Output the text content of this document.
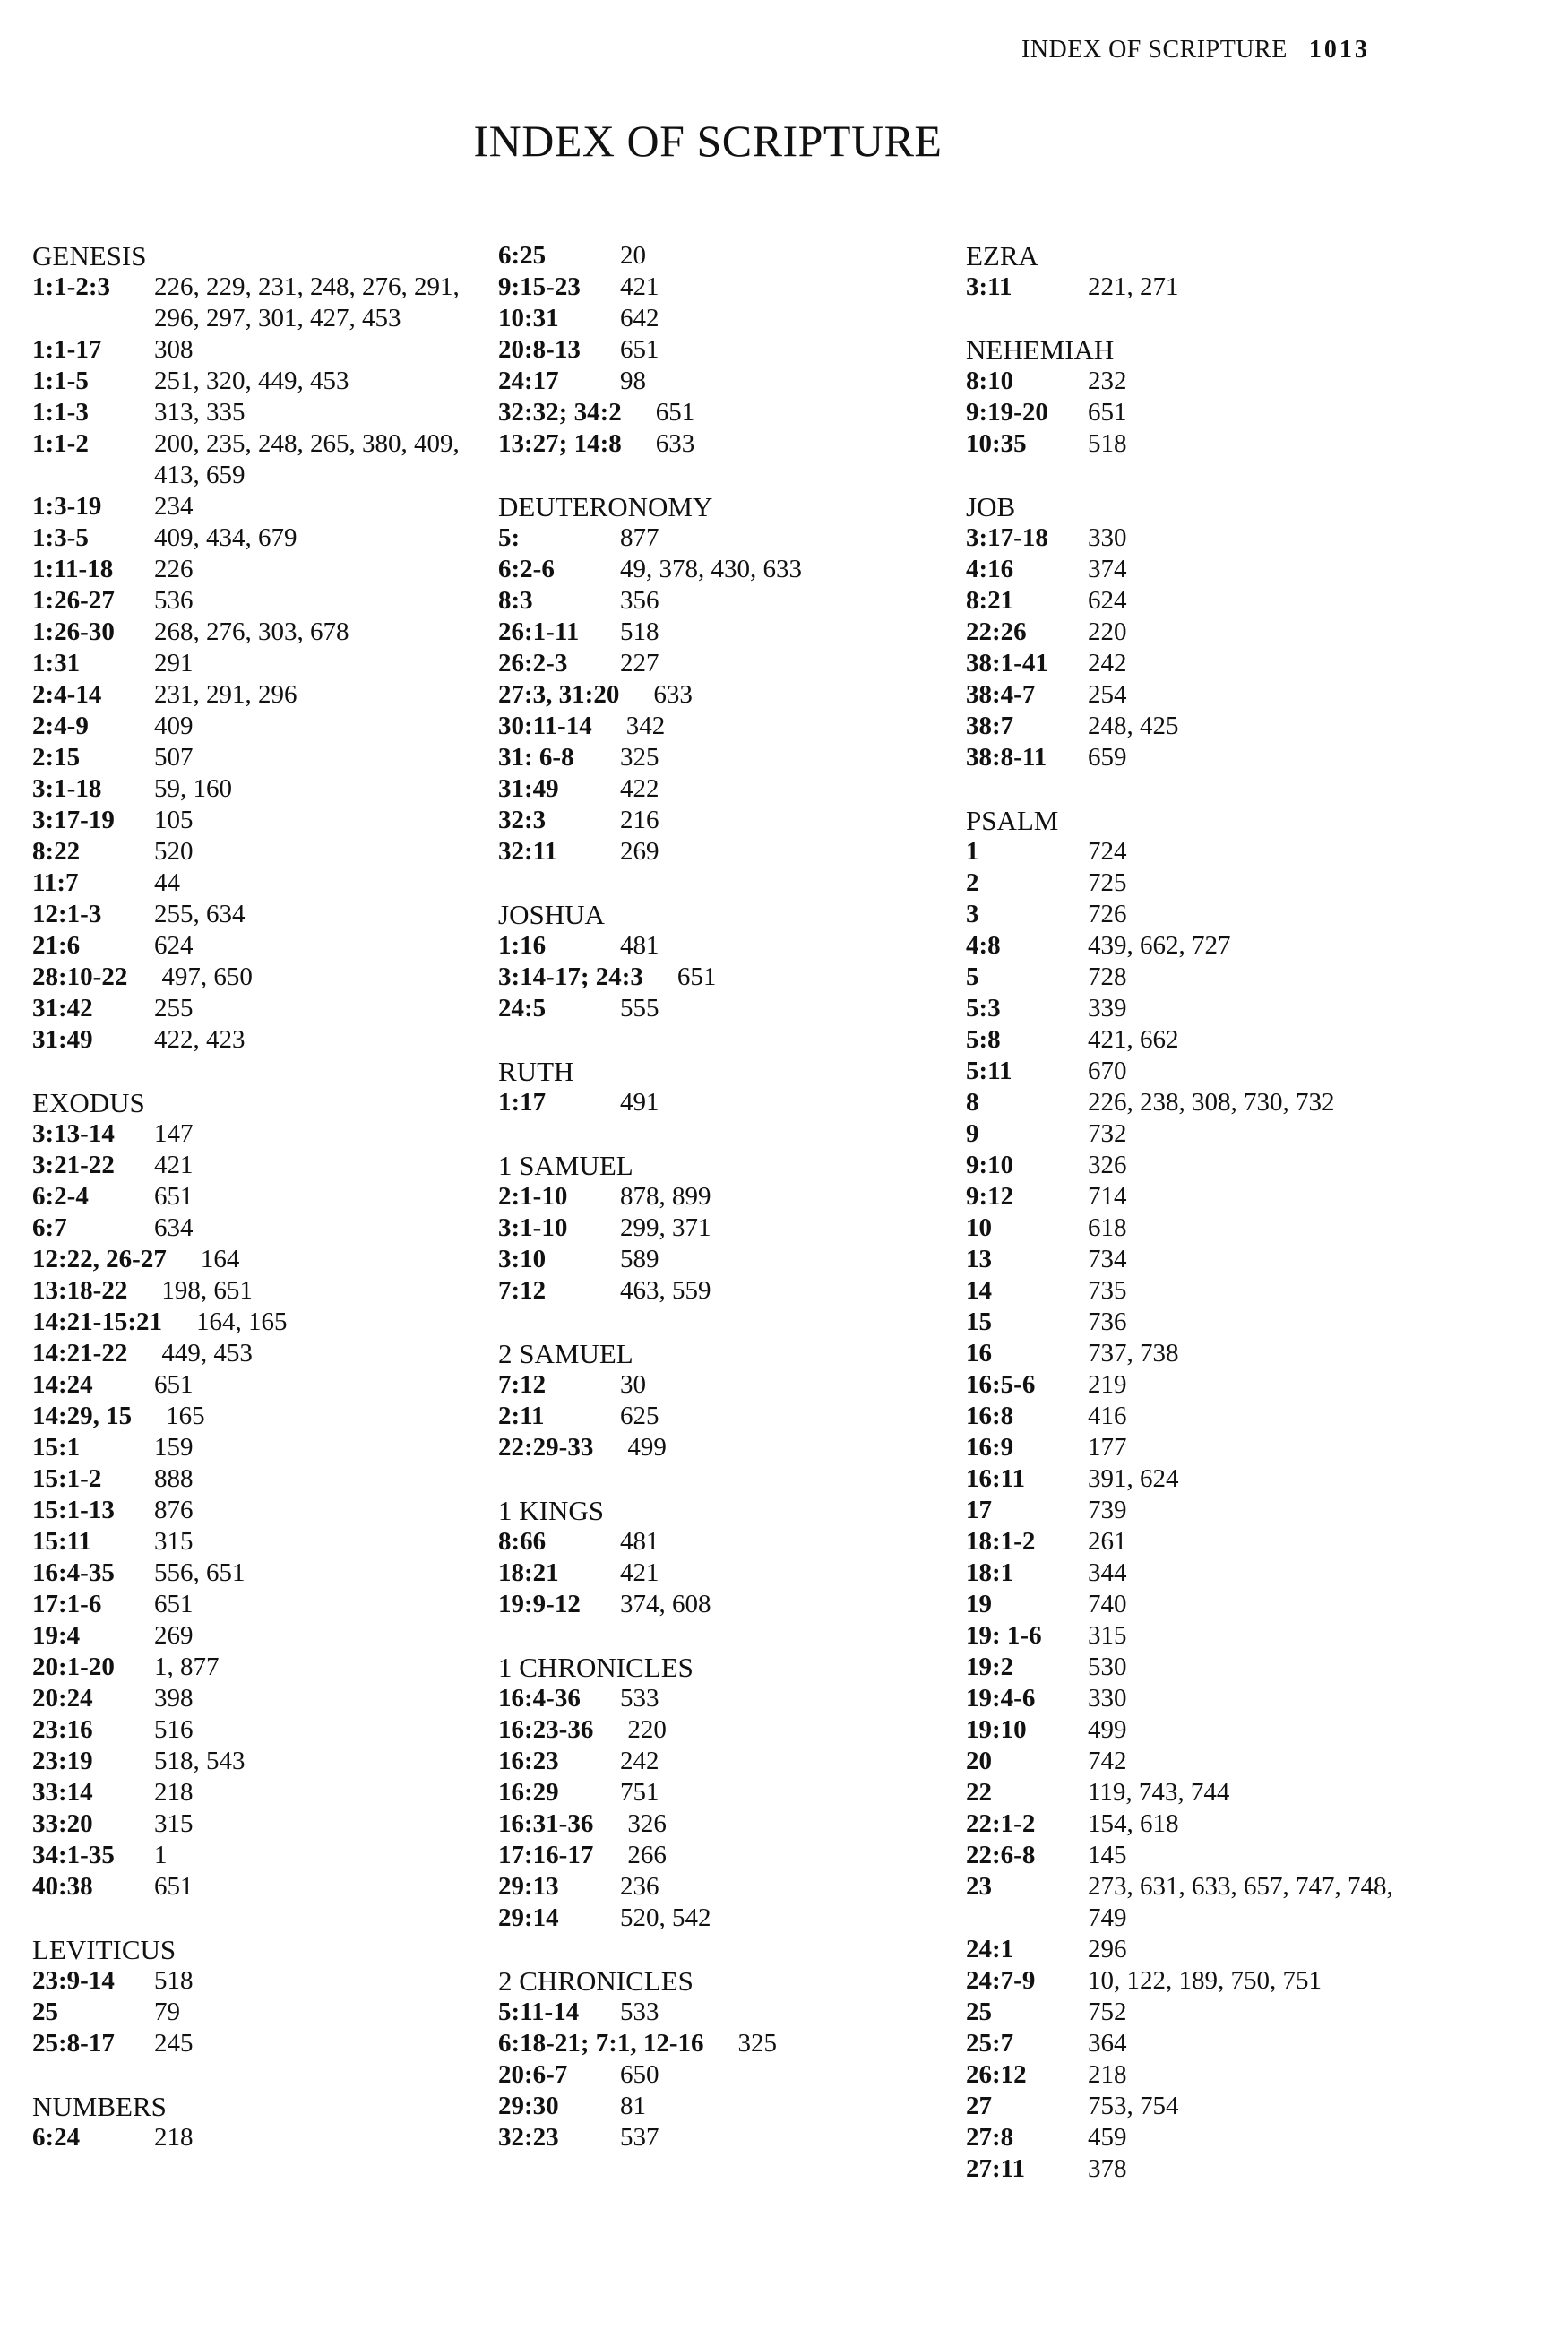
INDEX OF SCRIPTURE 1013
INDEX OF SCRIPTURE
GENESIS
1:1-2:3	226, 229, 231, 248, 276, 291, 296, 297, 301, 427, 453
1:1-17	308
1:1-5	251, 320, 449, 453
1:1-3	313, 335
1:1-2	200, 235, 248, 265, 380, 409, 413, 659
1:3-19	234
1:3-5	409, 434, 679
1:11-18	226
1:26-27	536
1:26-30	268, 276, 303, 678
1:31	291
2:4-14	231, 291, 296
2:4-9	409
2:15	507
3:1-18	59, 160
3:17-19	105
8:22	520
11:7	44
12:1-3	255, 634
21:6	624
28:10-22 497, 650
31:42	255
31:49	422, 423
EXODUS
3:13-14	147
3:21-22	421
6:2-4	651
6:7	634
12:22, 26-27 164
13:18-22 198, 651
14:21-15:21 164, 165
14:21-22 449, 453
14:24	651
14:29, 15 165
15:1	159
15:1-2	888
15:1-13	876
15:11	315
16:4-35	556, 651
17:1-6	651
19:4	269
20:1-20	1, 877
20:24	398
23:16	516
23:19	518, 543
33:14	218
33:20	315
34:1-35	1
40:38	651
LEVITICUS
23:9-14	518
25	79
25:8-17	245
NUMBERS
6:24	218
6:25	20
9:15-23	421
10:31	642
20:8-13	651
24:17	98
32:32; 34:2 651
13:27; 14:8 633
DEUTERONOMY
5:	877
6:2-6	49, 378, 430, 633
8:3	356
26:1-11	518
26:2-3	227
27:3, 31:20 633
30:11-14 342
31: 6-8	325
31:49	422
32:3	216
32:11	269
JOSHUA
1:16	481
3:14-17; 24:3 651
24:5	555
RUTH
1:17	491
1 SAMUEL
2:1-10	878, 899
3:1-10	299, 371
3:10	589
7:12	463, 559
2 SAMUEL
7:12	30
2:11	625
22:29-33 499
1 KINGS
8:66	481
18:21	421
19:9-12	374, 608
1 CHRONICLES
16:4-36	533
16:23-36 220
16:23	242
16:29	751
16:31-36 326
17:16-17 266
29:13	236
29:14	520, 542
2 CHRONICLES
5:11-14	533
6:18-21; 7:1, 12-16 325
20:6-7	650
29:30	81
32:23	537
EZRA
3:11	221, 271
NEHEMIAH
8:10	232
9:19-20	651
10:35	518
JOB
3:17-18	330
4:16	374
8:21	624
22:26	220
38:1-41	242
38:4-7	254
38:7	248, 425
38:8-11	659
PSALM
1	724
2	725
3	726
4:8	439, 662, 727
5	728
5:3	339
5:8	421, 662
5:11	670
8	226, 238, 308, 730, 732
9	732
9:10	326
9:12	714
10	618
13	734
14	735
15	736
16	737, 738
16:5-6	219
16:8	416
16:9	177
16:11	391, 624
17	739
18:1-2	261
18:1	344
19	740
19: 1-6	315
19:2	530
19:4-6	330
19:10	499
20	742
22	119, 743, 744
22:1-2	154, 618
22:6-8	145
23	273, 631, 633, 657, 747, 748, 749
24:1	296
24:7-9	10, 122, 189, 750, 751
25	752
25:7	364
26:12	218
27	753, 754
27:8	459
27:11	378
